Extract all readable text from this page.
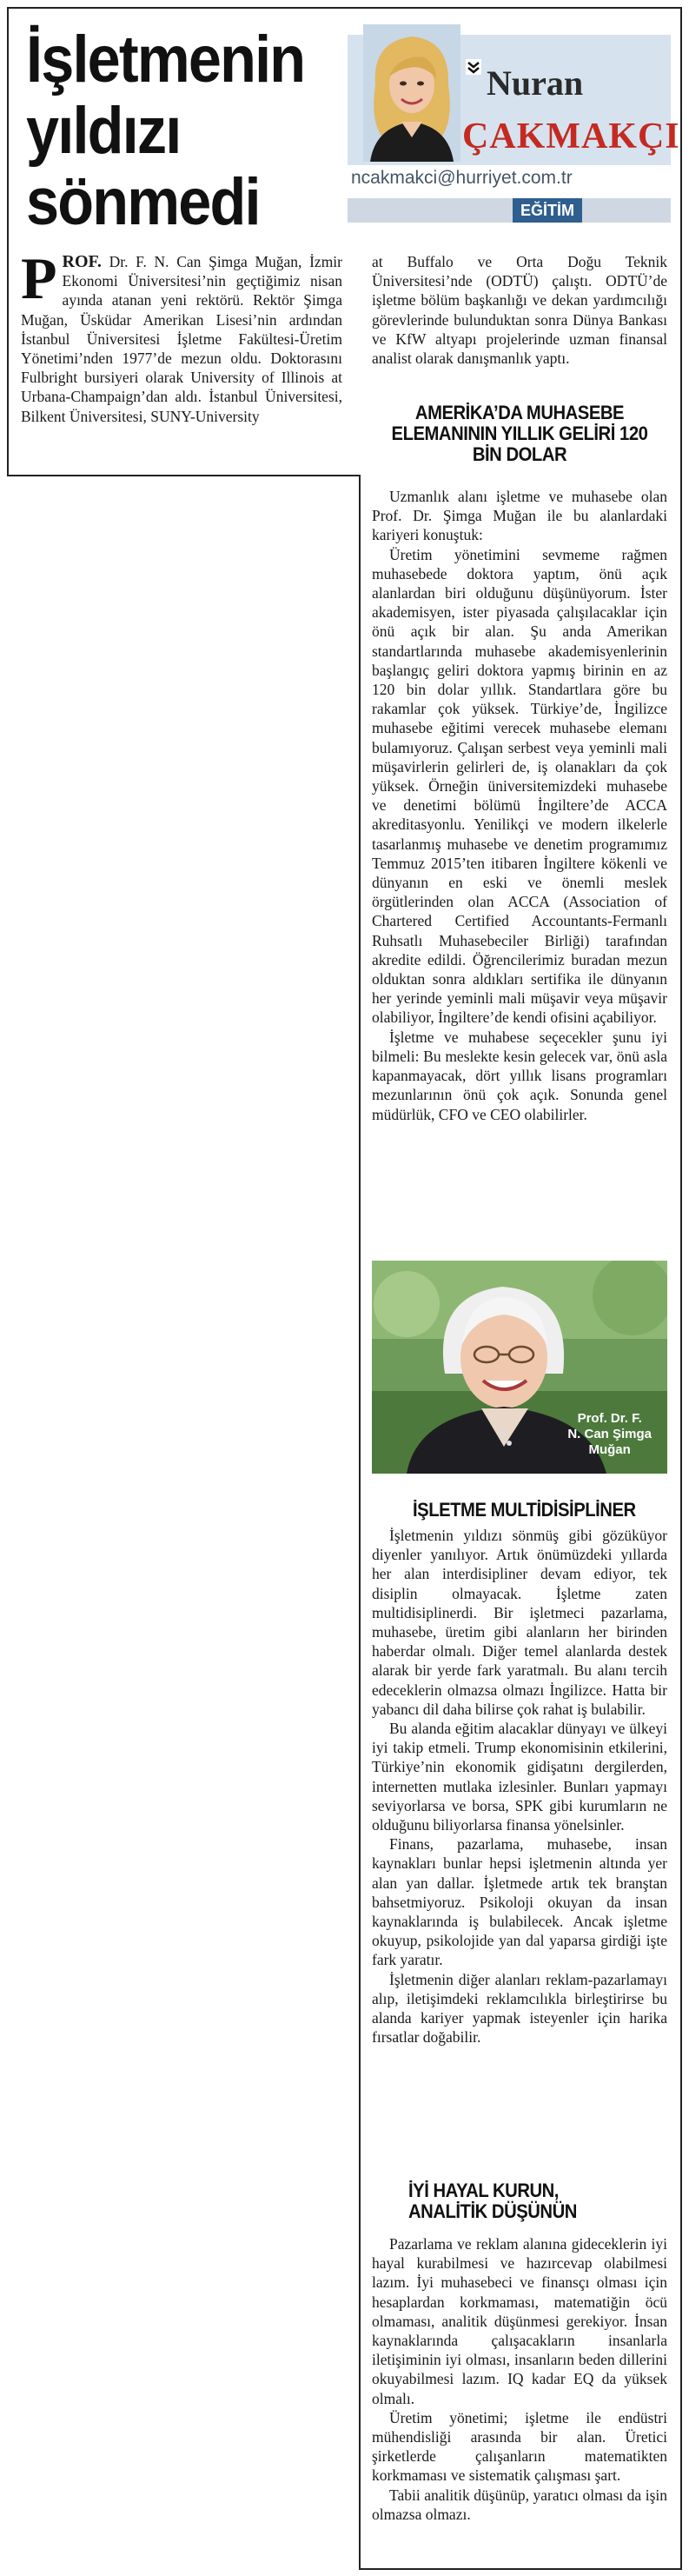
İşletmenin
yıldızı
sönmedi
Nuran
ÇAKMAKÇI
ncakmakci@hurriyet.com.tr
EĞİTİM

PROF. Dr. F. N. Can Şimga Muğan, İzmir Ekonomi Üniversitesi’nin geçtiğimiz nisan ayında atanan yeni rektörü. Rektör Şimga Muğan, Üsküdar Amerikan Lisesi’nin ardından İstanbul Üniversitesi İşletme Fakültesi-Üretim Yönetimi’nden 1977’de mezun oldu. Doktorasını Fulbright bursiyeri olarak University of Illinois at Urbana-Champaign’dan aldı. İstanbul Üniversitesi, Bilkent Üniversitesi, SUNY-University

at Buffalo ve Orta Doğu Teknik Üniversitesi’nde (ODTÜ) çalıştı. ODTÜ’de işletme bölüm başkanlığı ve dekan yardımcılığı görevlerinde bulunduktan sonra Dünya Bankası ve KfW altyapı projelerinde uzman finansal analist olarak danışmanlık yaptı.

AMERİKA’DA MUHASEBE ELEMANININ YILLIK GELİRİ 120 BİN DOLAR

Uzmanlık alanı işletme ve muhasebe olan Prof. Dr. Şimga Muğan ile bu alanlardaki kariyeri konuştuk:

Üretim yönetimini sevmeme rağmen muhasebede doktora yaptım, önü açık alanlardan biri olduğunu düşünüyorum. İster akademisyen, ister piyasada çalışılacaklar için önü açık bir alan. Şu anda Amerikan standartlarında muhasebe akademisyenlerinin başlangıç geliri doktora yapmış birinin en az 120 bin dolar yıllık. Standartlara göre bu rakamlar çok yüksek. Türkiye’de, İngilizce muhasebe eğitimi verecek muhasebe elemanı bulamıyoruz. Çalışan serbest veya yeminli mali müşavirlerin gelirleri de, iş olanakları da çok yüksek. Örneğin üniversitemizdeki muhasebe ve denetimi bölümü İngiltere’de ACCA akreditasyonlu. Yenilikçi ve modern ilkelerle tasarlanmış muhasebe ve denetim programımız Temmuz 2015’ten itibaren İngiltere kökenli ve dünyanın en eski ve önemli meslek örgütlerinden olan ACCA (Association of Chartered Certified Accountants-Fermanlı Ruhsatlı Muhasebeciler Birliği) tarafından akredite edildi. Öğrencilerimiz buradan mezun olduktan sonra aldıkları sertifika ile dünyanın her yerinde yeminli mali müşavir veya müşavir olabiliyor, İngiltere’de kendi ofisini açabiliyor.

İşletme ve muhabese seçecekler şunu iyi bilmeli: Bu meslekte kesin gelecek var, önü asla kapanmayacak, dört yıllık lisans programları mezunlarının önü çok açık. Sonunda genel müdürlük, CFO ve CEO olabilirler.

Prof. Dr. F.
N. Can Şimga
Muğan
İŞLETME MULTİDİSİPLİNER

İşletmenin yıldızı sönmüş gibi gözüküyor diyenler yanılıyor. Artık önümüzdeki yıllarda her alan interdisipliner devam ediyor, tek disiplin olmayacak. İşletme zaten multidisiplinerdi. Bir işletmeci pazarlama, muhasebe, üretim gibi alanların her birinden haberdar olmalı. Diğer temel alanlarda destek alarak bir yerde fark yaratmalı. Bu alanı tercih edeceklerin olmazsa olmazı İngilizce. Hatta bir yabancı dil daha bilirse çok rahat iş bulabilir.

Bu alanda eğitim alacaklar dünyayı ve ülkeyi iyi takip etmeli. Trump ekonomisinin etkilerini, Türkiye’nin ekonomik gidişatını dergilerden, internetten mutlaka izlesinler. Bunları yapmayı seviyorlarsa ve borsa, SPK gibi kurumların ne olduğunu biliyorlarsa finansa yönelsinler.

Finans, pazarlama, muhasebe, insan kaynakları bunlar hepsi işletmenin altında yer alan yan dallar. İşletmede artık tek branştan bahsetmiyoruz. Psikoloji okuyan da insan kaynaklarında iş bulabilecek. Ancak işletme okuyup, psikolojide yan dal yaparsa girdiği işte fark yaratır.

İşletmenin diğer alanları reklam-pazarlamayı alıp, iletişimdeki reklamcılıkla birleştirirse bu alanda kariyer yapmak isteyenler için harika fırsatlar doğabilir.

İYİ HAYAL KURUN, ANALİTİK DÜŞÜNÜN

Pazarlama ve reklam alanına gideceklerin iyi hayal kurabilmesi ve hazırcevap olabilmesi lazım. İyi muhasebeci ve finansçı olması için hesaplardan korkmaması, matematiğin öcü olmaması, analitik düşünmesi gerekiyor. İnsan kaynaklarında çalışacakların insanlarla iletişiminin iyi olması, insanların beden dillerini okuyabilmesi lazım. IQ kadar EQ da yüksek olmalı.

Üretim yönetimi; işletme ile endüstri mühendisliği arasında bir alan. Üretici şirketlerde çalışanların matematikten korkmaması ve sistematik çalışması şart.

Tabii analitik düşünüp, yaratıcı olması da işin olmazsa olmazı.
